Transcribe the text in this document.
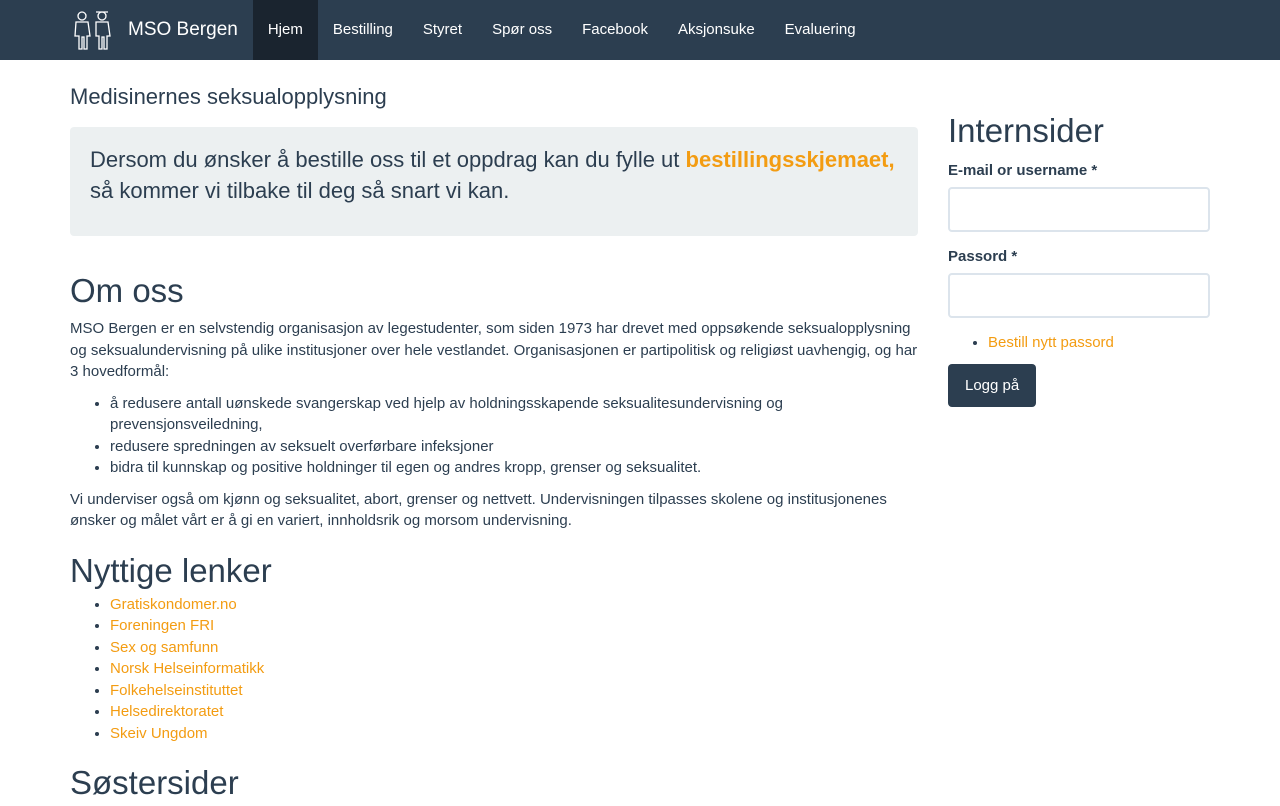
MSO Bergen	Hjem	Bestilling	Styret	Spør oss	Facebook	Aksjonsuke	Evaluering
Medisinernes seksualopplysning
Dersom du ønsker å bestille oss til et oppdrag kan du fylle ut bestillingsskjemaet,
så kommer vi tilbake til deg så snart vi kan.
Om oss

MSO Bergen er en selvstendig organisasjon av legestudenter, som siden 1973 har drevet med oppsøkende seksualopplysning og seksualundervisning på ulike institusjoner over hele vestlandet. Organisasjonen er partipolitisk og religiøst uavhengig, og har 3 hovedformål:

• å redusere antall uønskede svangerskap ved hjelp av holdningsskapende seksualitesundervisning og prevensjonsveiledning,
• redusere spredningen av seksuelt overførbare infeksjoner
• bidra til kunnskap og positive holdninger til egen og andres kropp, grenser og seksualitet.

Vi underviser også om kjønn og seksualitet, abort, grenser og nettvett. Undervisningen tilpasses skolene og institusjonenes ønsker og målet vårt er å gi en variert, innholdsrik og morsom undervisning.

Nyttige lenker
• Gratiskondomer.no
• Foreningen FRI
• Sex og samfunn
• Norsk Helseinformatikk
• Folkehelseinstituttet
• Helsedirektoratet
• Skeiv Ungdom
Søstersider
Internsider
E-mail or username *
Passord *
• Bestill nytt passord
Logg på
